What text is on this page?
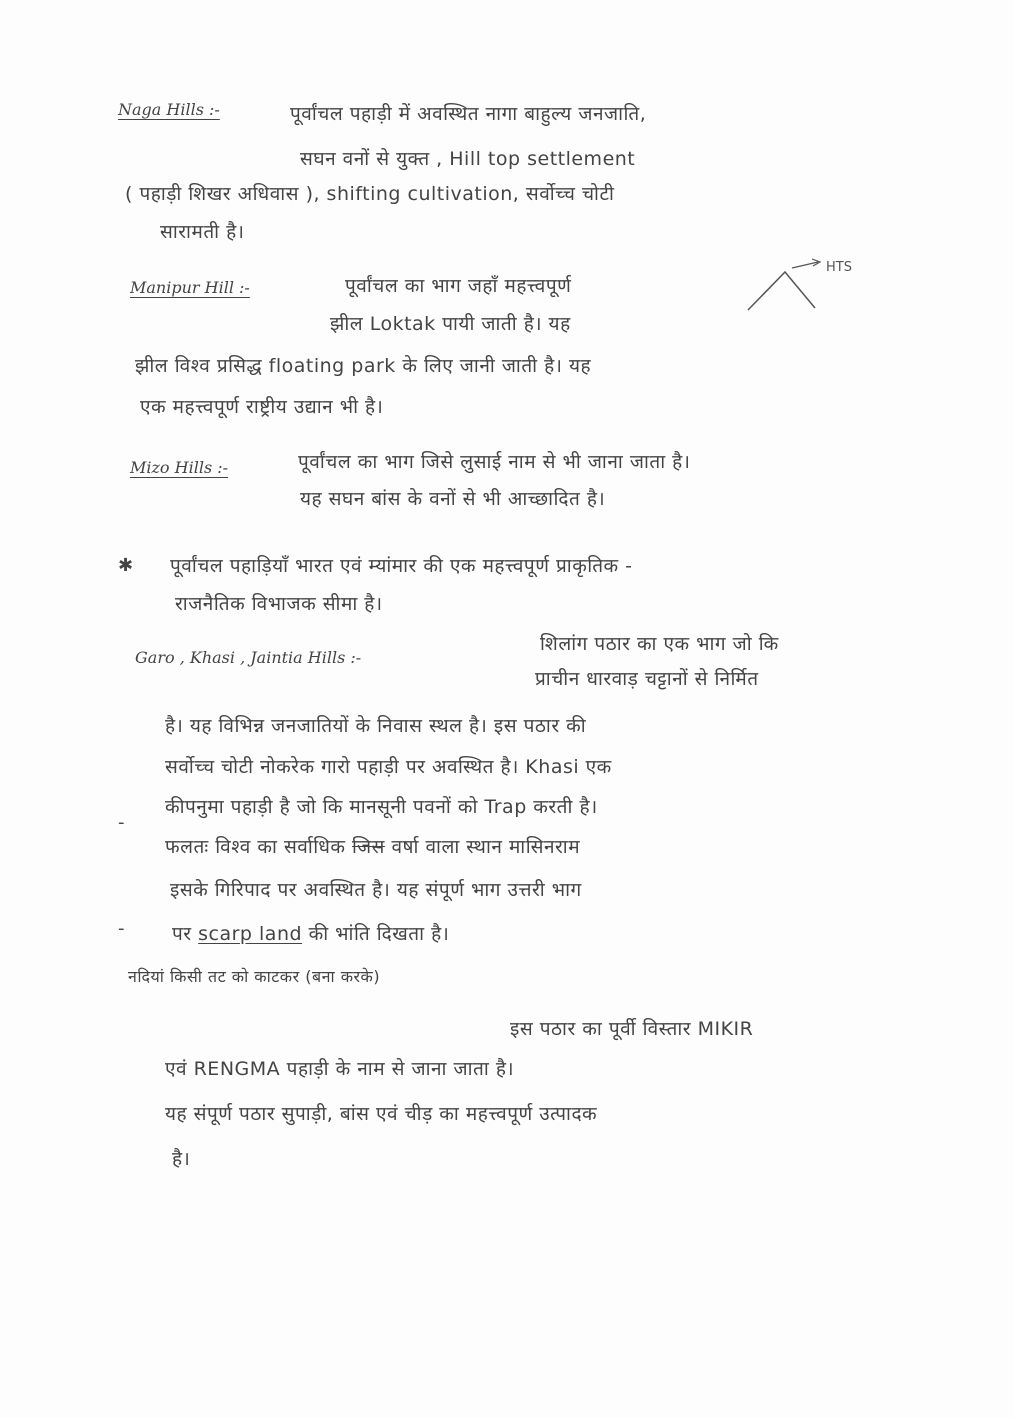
Naga Hills :-	पूर्वांचल पहाड़ी में अवस्थित नागा बाहुल्य जनजाति,
सघन वनों से युक्त , Hill top settlement
( पहाड़ी शिखर अधिवास ), shifting cultivation, सर्वोच्च चोटी
सारामती है।
Manipur Hill :-	पूर्वांचल का भाग जहाँ महत्त्वपूर्ण
HTS
झील Loktak पायी जाती है। यह
झील विश्व प्रसिद्ध floating park के लिए जानी जाती है। यह
एक महत्त्वपूर्ण राष्ट्रीय उद्यान भी है।
Mizo Hills :-	पूर्वांचल का भाग जिसे लुसाई नाम से भी जाना जाता है।
यह सघन बांस के वनों से भी आच्छादित है।
✱ पूर्वांचल पहाड़ियाँ भारत एवं म्यांमार की एक महत्त्वपूर्ण प्राकृतिक -
राजनैतिक विभाजक सीमा है।
Garo , Khasi , Jaintia Hills :-
शिलांग पठार का एक भाग जो कि
प्राचीन धारवाड़ चट्टानों से निर्मित
है। यह विभिन्न जनजातियों के निवास स्थल है। इस पठार की
सर्वोच्च चोटी नोकरेक गारो पहाड़ी पर अवस्थित है। Khasi एक
कीपनुमा पहाड़ी है जो कि मानसूनी पवनों को Trap करती है।
-
फलतः विश्व का सर्वाधिक जिस वर्षा वाला स्थान मासिनराम
इसके गिरिपाद पर अवस्थित है। यह संपूर्ण भाग उत्तरी भाग
-	पर scarp land की भांति दिखता है।
नदियां किसी तट को काटकर (बना करके)
इस पठार का पूर्वी विस्तार MIKIR
एवं RENGMA पहाड़ी के नाम से जाना जाता है।
यह संपूर्ण पठार सुपाड़ी, बांस एवं चीड़ का महत्त्वपूर्ण उत्पादक
है।
